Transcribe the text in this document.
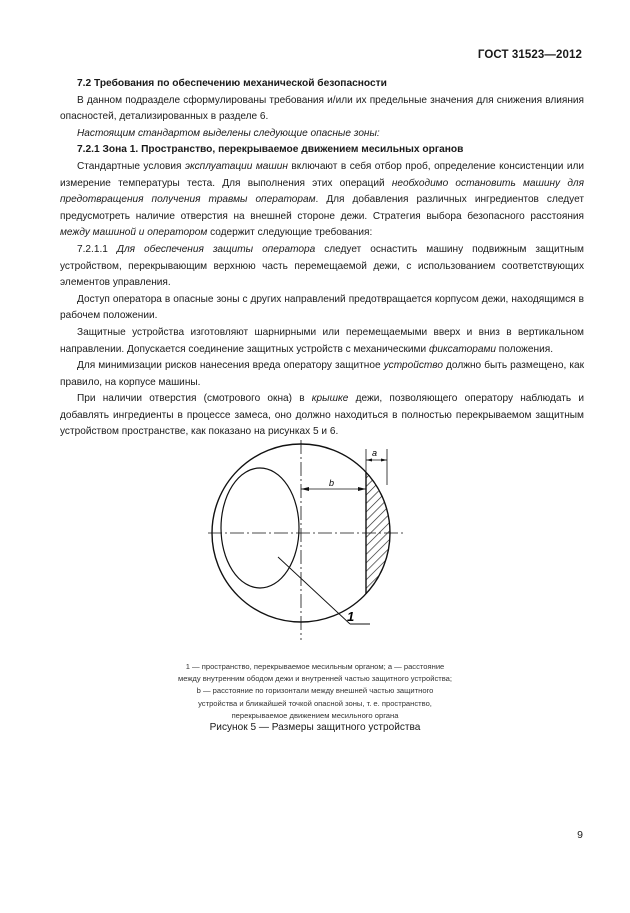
ГОСТ 31523—2012

7.2 Требования по обеспечению механической безопасности

В данном подразделе сформулированы требования и/или их предельные значения для снижения влияния опасностей, детализированных в разделе 6.

Настоящим стандартом выделены следующие опасные зоны:

7.2.1 Зона 1. Пространство, перекрываемое движением месильных органов

Стандартные условия эксплуатации машин включают в себя отбор проб, определение консистенции или измерение температуры теста. Для выполнения этих операций необходимо остановить машину для предотвращения получения травмы операторам. Для добавления различных ингредиентов следует предусмотреть наличие отверстия на внешней стороне дежи. Стратегия выбора безопасного расстояния между машиной и оператором содержит следующие требования:

7.2.1.1 Для обеспечения защиты оператора следует оснастить машину подвижным защитным устройством, перекрывающим верхнюю часть перемещаемой дежи, с использованием соответствующих элементов управления.

Доступ оператора в опасные зоны с других направлений предотвращается корпусом дежи, находящимся в рабочем положении.

Защитные устройства изготовляют шарнирными или перемещаемыми вверх и вниз в вертикальном направлении. Допускается соединение защитных устройств с механическими фиксаторами положения.

Для минимизации рисков нанесения вреда оператору защитное устройство должно быть размещено, как правило, на корпусе машины.

При наличии отверстия (смотрового окна) в крышке дежи, позволяющего оператору наблюдать и добавлять ингредиенты в процессе замеса, оно должно находиться в полностью перекрываемом защитным устройством пространстве, как показано на рисунках 5 и 6.

b
a
1

1 — пространство, перекрываемое месильным органом; а — расстояние

между внутренним ободом дежи и внутренней частью защитного устройства;

b — расстояние по горизонтали между внешней частью защитного

устройства и ближайшей точкой опасной зоны, т. е. пространство,

перекрываемое движением месильного органа

Рисунок 5 — Размеры защитного устройства
9
